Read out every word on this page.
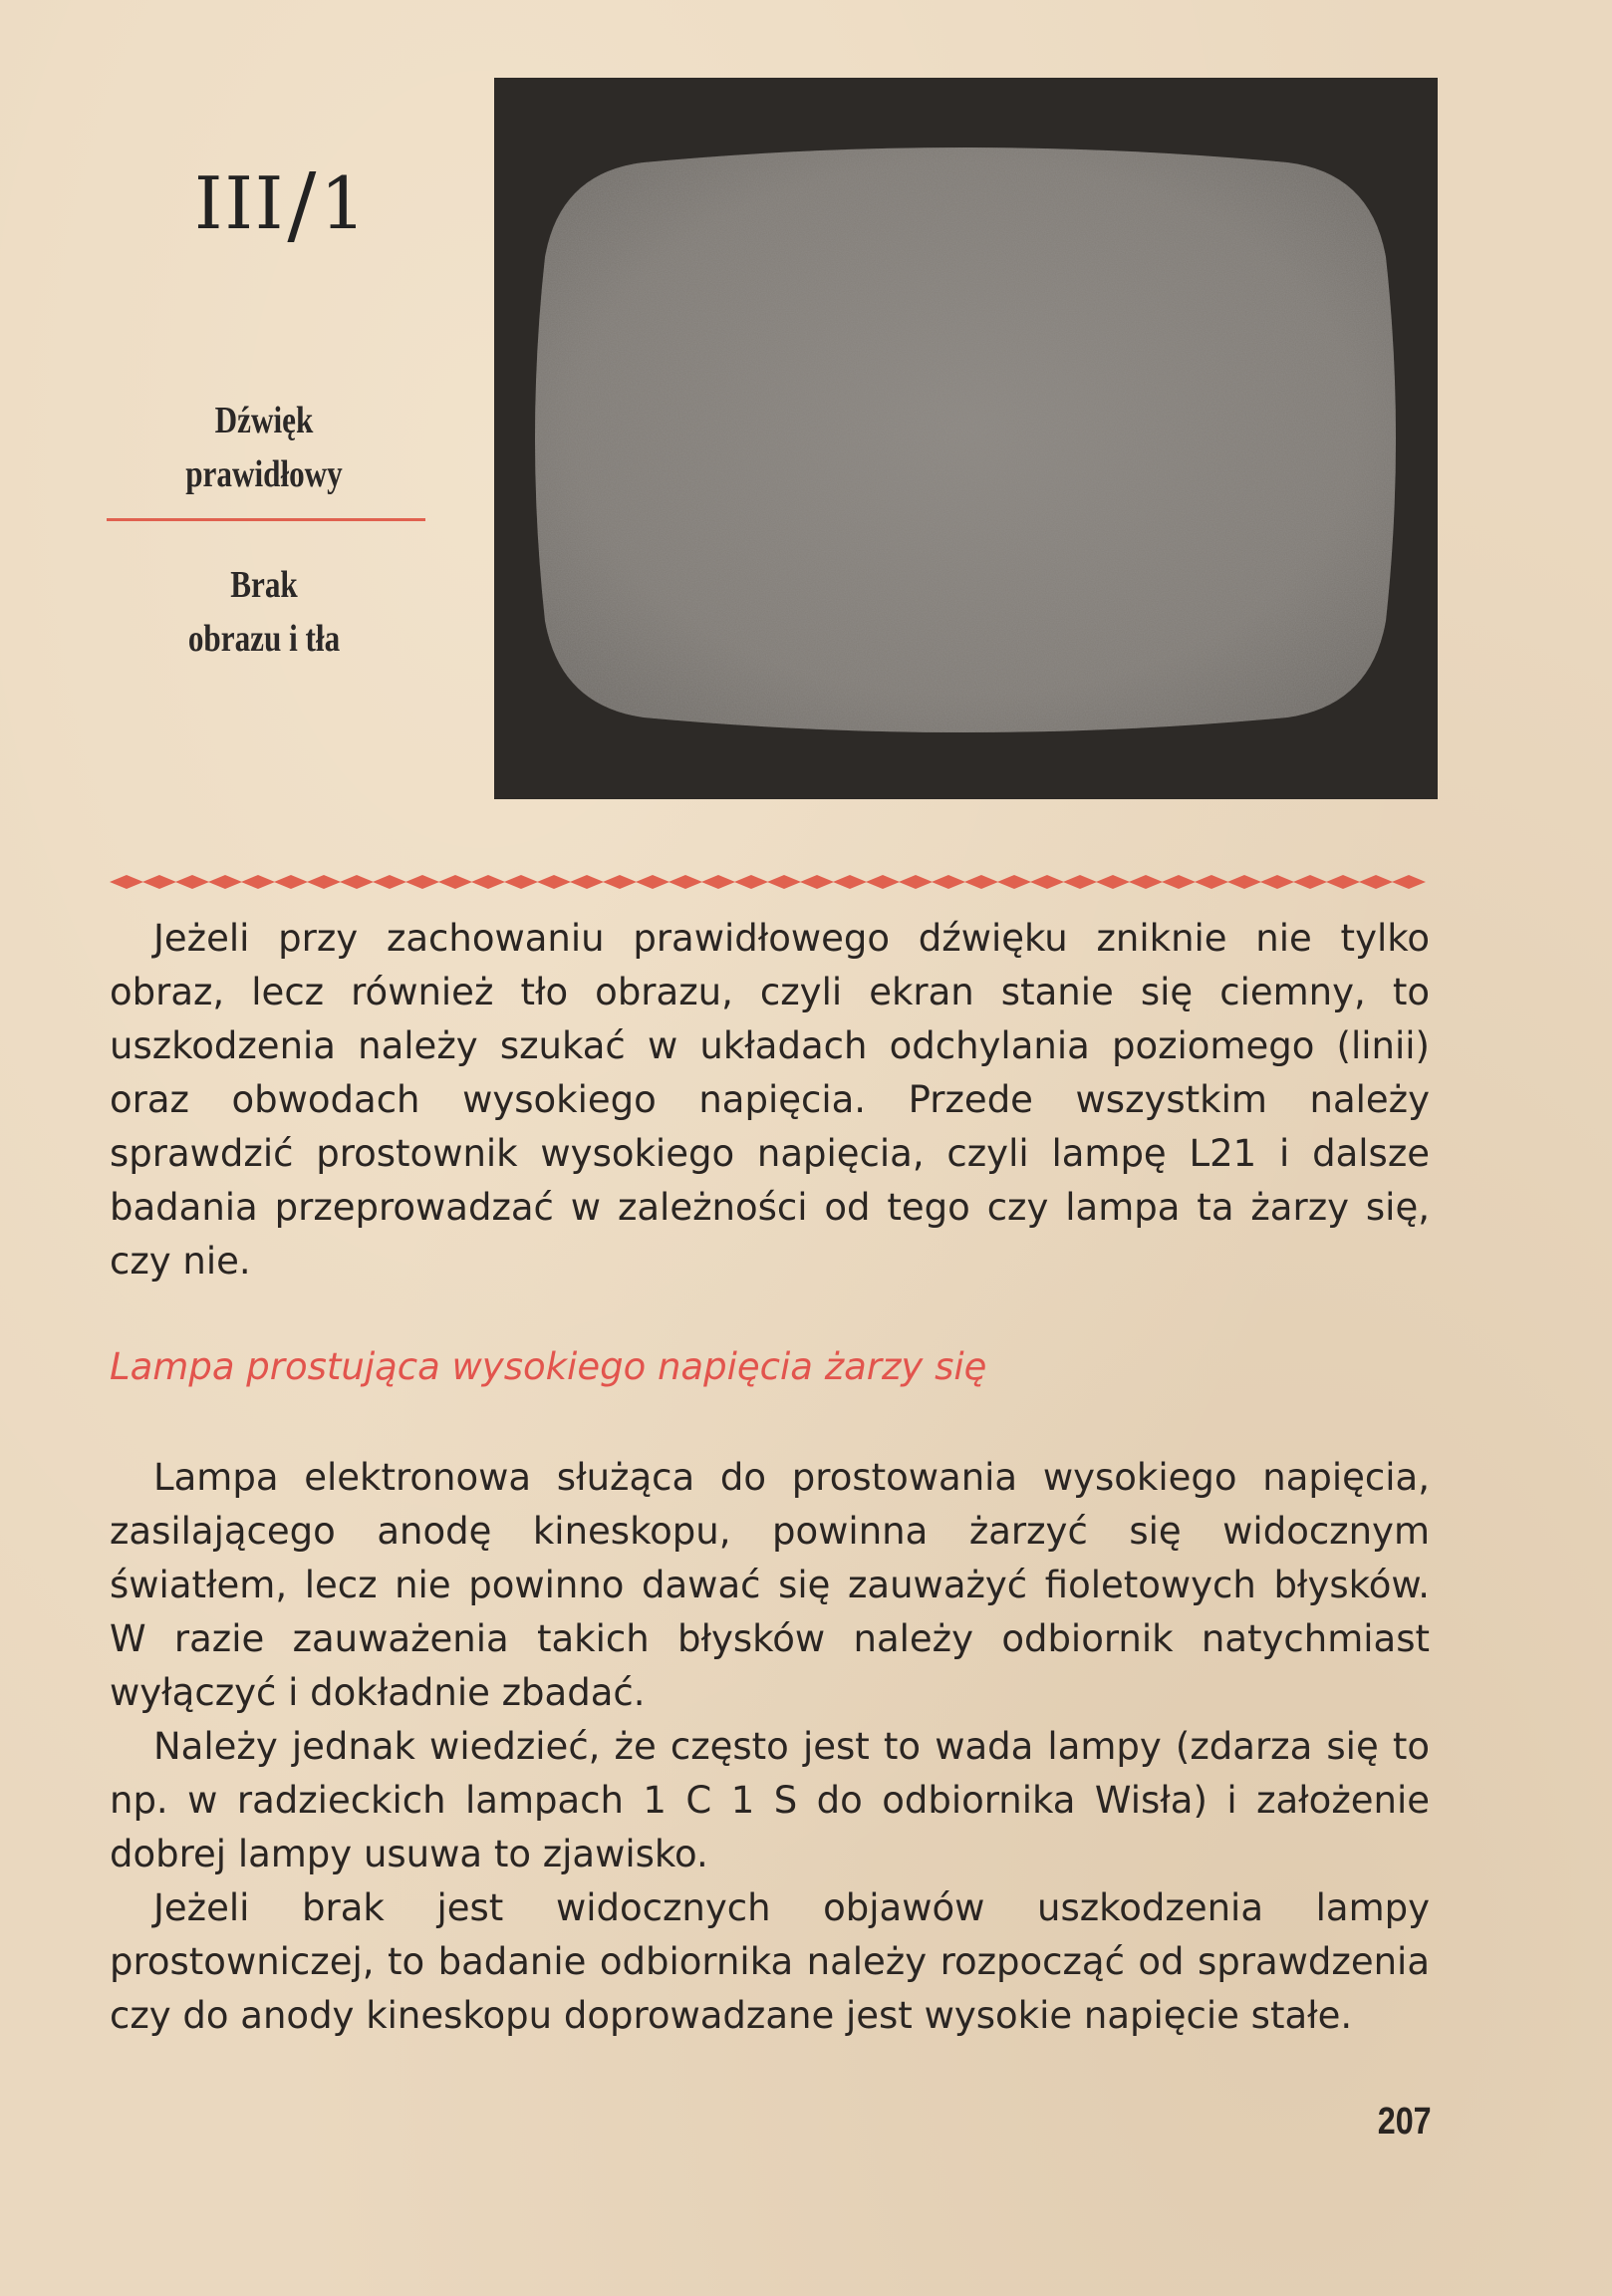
III/1
Dźwięk
prawidłowy
Brak
obrazu i tła

Jeżeli przy zachowaniu prawidłowego dźwięku zniknie nie tylko obraz, lecz również tło obrazu, czyli ekran stanie się ciemny, to uszkodzenia należy szukać w układach odchylania poziomego (linii) oraz obwodach wysokiego napięcia. Przede wszystkim należy sprawdzić prostownik wysokiego napięcia, czyli lampę L21 i dalsze badania przeprowadzać w zależności od tego czy lampa ta żarzy się, czy nie.

Lampa prostująca wysokiego napięcia żarzy się

Lampa elektronowa służąca do prostowania wysokiego napięcia, zasilającego anodę kineskopu, powinna żarzyć się widocznym światłem, lecz nie powinno dawać się zauważyć fioletowych błysków. W razie zauważenia takich błysków należy odbiornik natychmiast wyłączyć i dokładnie zbadać.

Należy jednak wiedzieć, że często jest to wada lampy (zdarza się to np. w radzieckich lampach 1 C 1 S do odbiornika Wisła) i założenie dobrej lampy usuwa to zjawisko.

Jeżeli brak jest widocznych objawów uszkodzenia lampy prostowniczej, to badanie odbiornika należy rozpocząć od sprawdzenia czy do anody kineskopu doprowadzane jest wysokie napięcie stałe.

207
